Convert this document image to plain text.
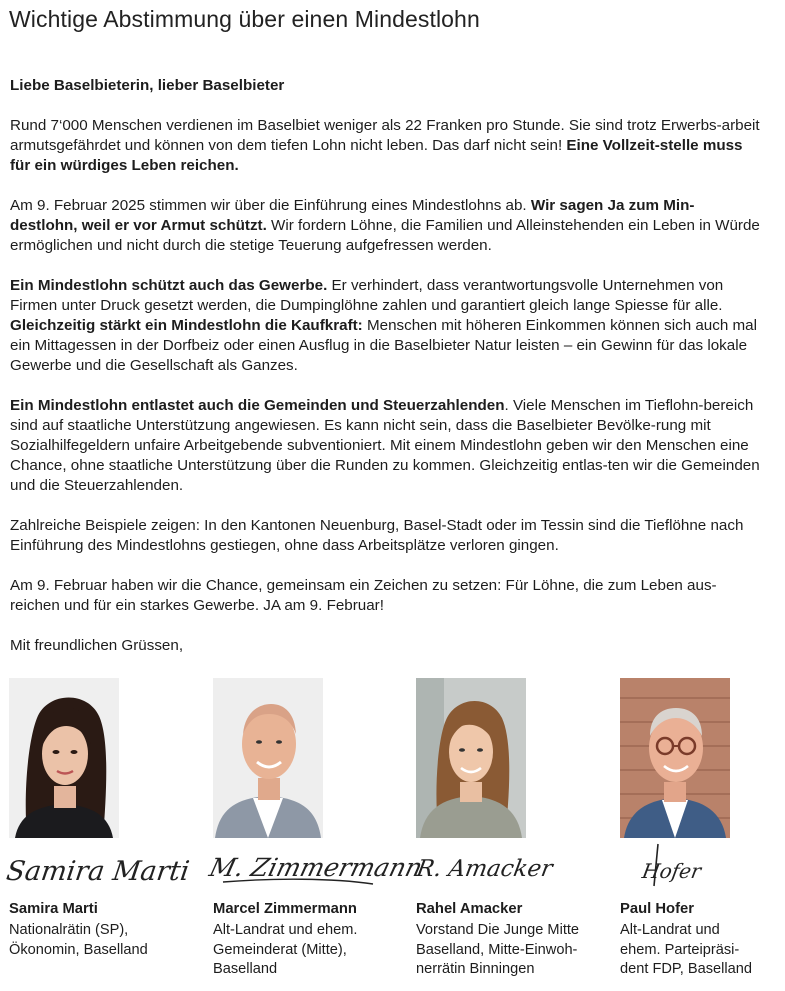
Wichtige Abstimmung über einen Mindestlohn
Liebe Baselbieterin, lieber Baselbieter

Rund 7‘000 Menschen verdienen im Baselbiet weniger als 22 Franken pro Stunde. Sie sind trotz Erwerbs-arbeit armutsgefährdet und können von dem tiefen Lohn nicht leben. Das darf nicht sein! Eine Vollzeit-stelle muss für ein würdiges Leben reichen.

Am 9. Februar 2025 stimmen wir über die Einführung eines Mindestlohns ab. Wir sagen Ja zum Min-destlohn, weil er vor Armut schützt. Wir fordern Löhne, die Familien und Alleinstehenden ein Leben in Würde ermöglichen und nicht durch die stetige Teuerung aufgefressen werden.

Ein Mindestlohn schützt auch das Gewerbe. Er verhindert, dass verantwortungsvolle Unternehmen von Firmen unter Druck gesetzt werden, die Dumpinglöhne zahlen und garantiert gleich lange Spiesse für alle. Gleichzeitig stärkt ein Mindestlohn die Kaufkraft: Menschen mit höheren Einkommen können sich auch mal ein Mittagessen in der Dorfbeiz oder einen Ausflug in die Baselbieter Natur leisten – ein Gewinn für das lokale Gewerbe und die Gesellschaft als Ganzes.

Ein Mindestlohn entlastet auch die Gemeinden und Steuerzahlenden. Viele Menschen im Tieflohn-bereich sind auf staatliche Unterstützung angewiesen. Es kann nicht sein, dass die Baselbieter Bevölke-rung mit Sozialhilfegeldern unfaire Arbeitgebende subventioniert. Mit einem Mindestlohn geben wir den Menschen eine Chance, ohne staatliche Unterstützung über die Runden zu kommen. Gleichzeitig entlas-ten wir die Gemeinden und die Steuerzahlenden.

Zahlreiche Beispiele zeigen: In den Kantonen Neuenburg, Basel-Stadt oder im Tessin sind die Tieflöhne nach Einführung des Mindestlohns gestiegen, ohne dass Arbeitsplätze verloren gingen.

Am 9. Februar haben wir die Chance, gemeinsam ein Zeichen zu setzen: Für Löhne, die zum Leben aus-reichen und für ein starkes Gewerbe. JA am 9. Februar!

Mit freundlichen Grüssen,

Samira Marti
Samira Marti
Nationalrätin (SP),
Ökonomin, Baselland
M. Zimmermann
Marcel Zimmermann
Alt-Landrat und ehem.
Gemeinderat (Mitte),
Baselland
R. Amacker
Rahel Amacker
Vorstand Die Junge Mitte
Baselland, Mitte-Einwoh-
nerrätin Binningen
Hofer
Paul Hofer
Alt-Landrat und
ehem. Parteipräsi-
dent FDP, Baselland
